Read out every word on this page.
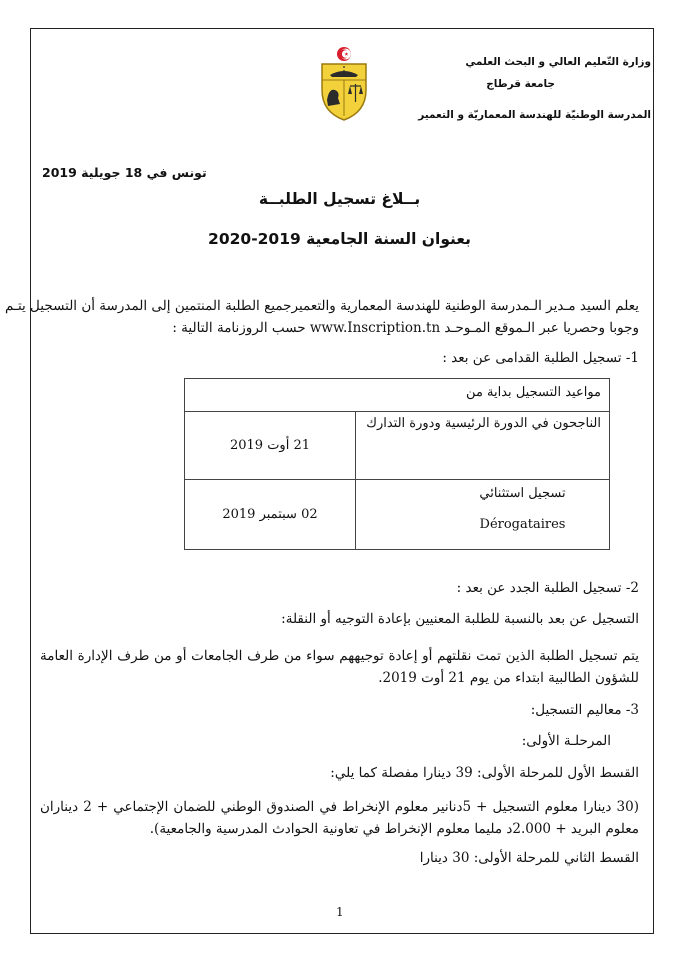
وزارة التّعليم العالي و البحث العلمي
جامعة قرطاج
المدرسة الوطنيّة للهندسة المعماريّة و التعمير
تونس في 18 جويلية 2019
بــلاغ تسجيل الطلبــة
بعنوان السنة الجامعية 2019-2020
يعلم السيد مـدير الـمدرسة الوطنية للهندسة المعمارية والتعميرجميع الطلبة المنتمين إلى المدرسة أن التسجيل يتـم
وجوبا وحصريا عبر الـموقع المـوحـد www.Inscription.tn حسب الروزنامة التالية :
1- تسجيل الطلبة القدامى عن بعد :
مواعيد التسجيل بداية من	
21 أوت 2019	الناجحون في الدورة الرئيسية ودورة التدارك
02 سبتمبر 2019	تسجيل استثنائي
Dérogataires
2- تسجيل الطلبة الجدد عن بعد :
التسجيل عن بعد بالنسبة للطلبة المعنيين بإعادة التوجيه أو النقلة:
يتم تسجيل الطلبة الذين تمت نقلتهم أو إعادة توجيههم سواء من طرف الجامعات أو من طرف الإدارة العامة للشؤون الطالبية ابتداء من يوم 21 أوت 2019.
3- معاليم التسجيل:
المرحلـة الأولى:
القسط الأول للمرحلة الأولى: 39 دينارا مفصلة كما يلي:
(30 دينارا معلوم التسجيل + 5دنانير معلوم الإنخراط في الصندوق الوطني للضمان الإجتماعي + 2 ديناران معلوم البريد + 2.000د مليما معلوم الإنخراط في تعاونية الحوادث المدرسية والجامعية).
القسط الثاني للمرحلة الأولى: 30 دينارا
1
